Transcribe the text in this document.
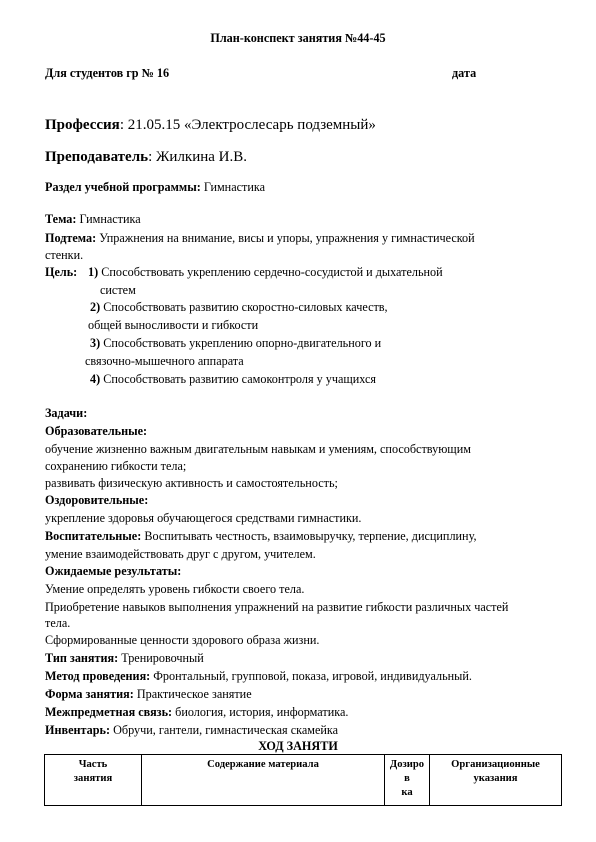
План-конспект занятия №44-45
Для студентов гр № 16	дата
Профессия: 21.05.15 «Электрослесарь подземный»
Преподаватель: Жилкина И.В.
Раздел учебной программы: Гимнастика
Тема: Гимнастика
Подтема: Упражнения на внимание, висы и упоры, упражнения у гимнастической
стенки.
Цель: 1) Способствовать укреплению сердечно-сосудистой и дыхательной
систем
2) Способствовать развитию скоростно-силовых качеств,
общей выносливости и гибкости
3) Способствовать укреплению опорно-двигательного и
связочно-мышечного аппарата
4) Способствовать развитию самоконтроля у учащихся
Задачи:
Образовательные:
обучение жизненно важным двигательным навыкам и умениям, способствующим
сохранению гибкости тела;
развивать физическую активность и самостоятельность;
Оздоровительные:
укрепление здоровья обучающегося средствами гимнастики.
Воспитательные: Воспитывать честность, взаимовыручку, терпение, дисциплину,
умение взаимодействовать друг с другом, учителем.
Ожидаемые результаты:
Умение определять уровень гибкости своего тела.
Приобретение навыков выполнения упражнений на развитие гибкости различных частей
тела.
Сформированные ценности здорового образа жизни.
Тип занятия: Тренировочный
Метод проведения: Фронтальный, групповой, показа, игровой, индивидуальный.
Форма занятия: Практическое занятие
Межпредметная связь: биология, история, информатика.
Инвентарь: Обручи, гантели, гимнастическая скамейка
ХОД ЗАНЯТИ
Часть
занятия	Содержание материала	Дозиро
в
ка	Организационные
указания
